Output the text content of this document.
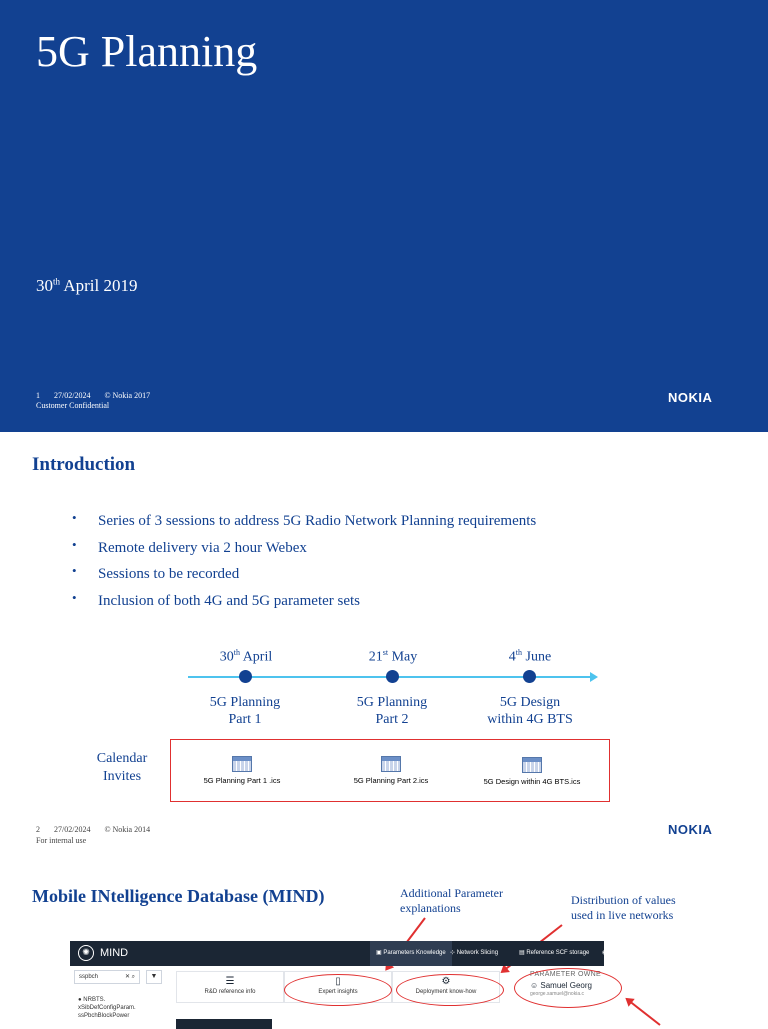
5G Planning
30th April 2019
1 27/02/2024 © Nokia 2017
Customer Confidential
NOKIA
Introduction
• Series of 3 sessions to address 5G Radio Network Planning requirements
• Remote delivery via 2 hour Webex
• Sessions to be recorded
• Inclusion of both 4G and 5G parameter sets
30th April	21st May	4th June
5G Planning
Part 1
5G Planning
Part 2
5G Design
within 4G BTS
Calendar
Invites	5G Planning Part 1 .ics	5G Planning Part 2.ics	5G Design within 4G BTS.ics
2 27/02/2024 © Nokia 2014
For internal use
NOKIA
Mobile INtelligence Database (MIND)	Additional Parameter
explanations
Distribution of values
used in live networks
✺ MIND	▣ Parameters Knowledge ⊹ Network Slicing	▤ Reference SCF storage	◉ Johnson Christophe
sspbch	✕ ⌕	▼
● NRBTS.
xSibDefConfigParam.
ssPbchBlockPower
☰
R&D reference info
▯
Expert insights
⚙
Deployment know-how
PARAMETER OWNE
☺ Samuel Georg
george.samuel@nokia.c
